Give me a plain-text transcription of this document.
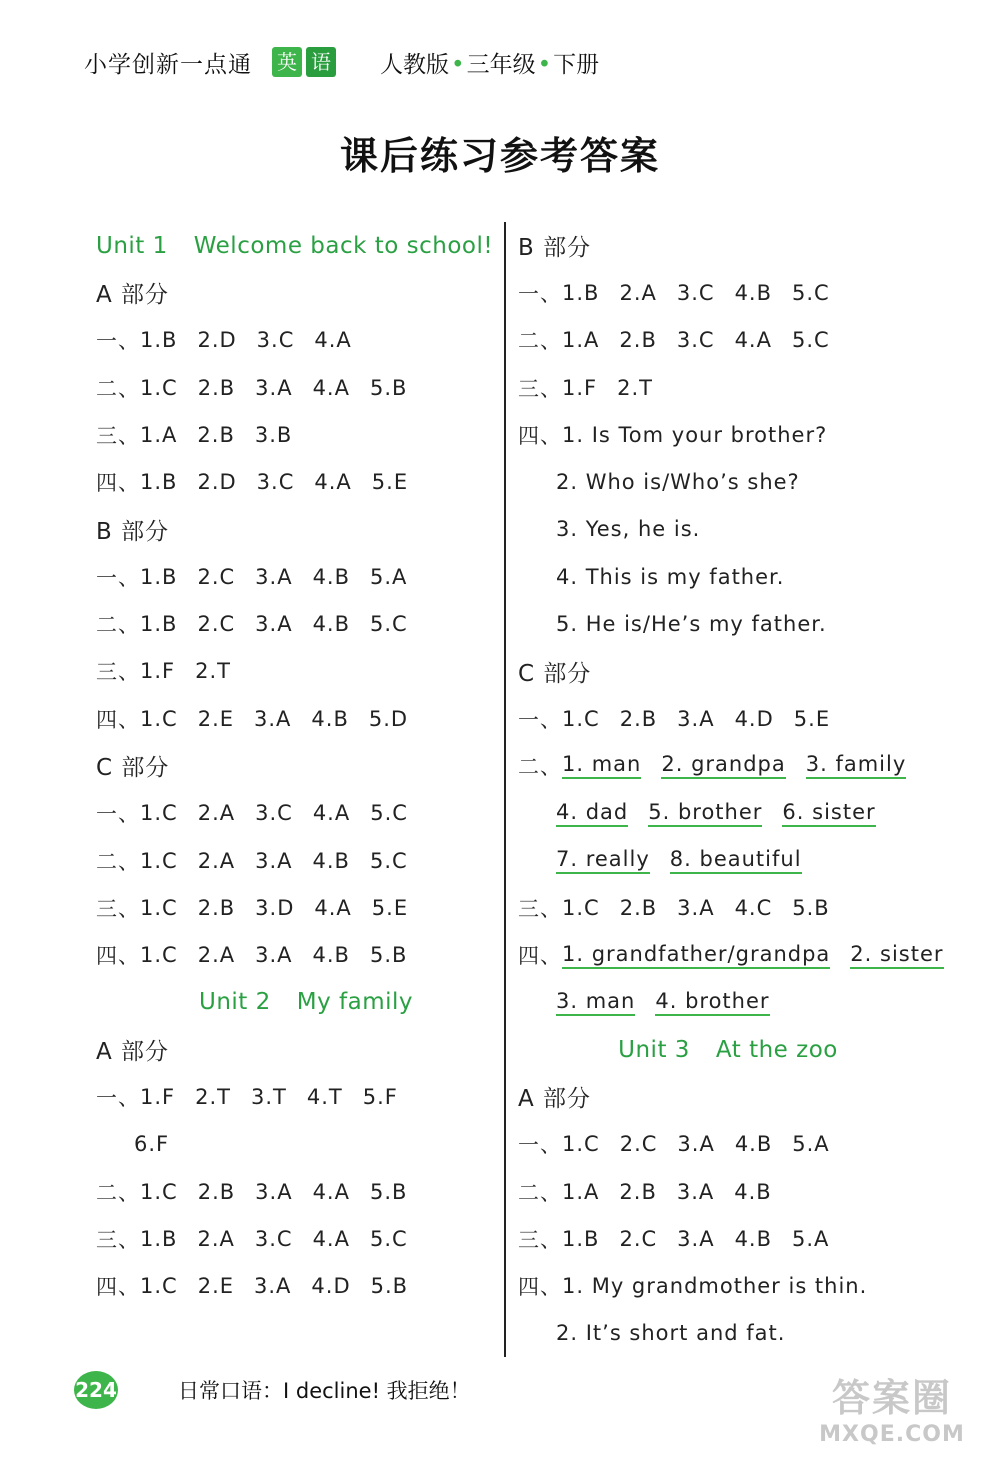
小学创新一点通 英 语 人教版•三年级•下册
课后练习参考答案
Unit 1 Welcome back to school!
A 部分
一、 1.B 2.D 3.C 4.A
二、 1.C 2.B 3.A 4.A 5.B
三、 1.A 2.B 3.B
四、 1.B 2.D 3.C 4.A 5.E
B 部分
一、 1.B 2.C 3.A 4.B 5.A
二、 1.B 2.C 3.A 4.B 5.C
三、 1.F 2.T
四、 1.C 2.E 3.A 4.B 5.D
C 部分
一、 1.C 2.A 3.C 4.A 5.C
二、 1.C 2.A 3.A 4.B 5.C
三、 1.C 2.B 3.D 4.A 5.E
四、 1.C 2.A 3.A 4.B 5.B
Unit 2 My family
A 部分
一、 1.F 2.T 3.T 4.T 5.F
6.F
二、 1.C 2.B 3.A 4.A 5.B
三、 1.B 2.A 3.C 4.A 5.C
四、 1.C 2.E 3.A 4.D 5.B
B 部分
一、 1.B 2.A 3.C 4.B 5.C
二、 1.A 2.B 3.C 4.A 5.C
三、 1.F 2.T
四、 1. Is Tom your brother?
2. Who is/Who’s she?
3. Yes, he is.
4. This is my father.
5. He is/He’s my father.
C 部分
一、 1.C 2.B 3.A 4.D 5.E
二、 1. man 2. grandpa 3. family
4. dad 5. brother 6. sister
7. really 8. beautiful
三、 1.C 2.B 3.A 4.C 5.B
四、 1. grandfather/grandpa 2. sister
3. man 4. brother
Unit 3 At the zoo
A 部分
一、 1.C 2.C 3.A 4.B 5.A
二、 1.A 2.B 3.A 4.B
三、 1.B 2.C 3.A 4.B 5.A
四、 1. My grandmother is thin.
2. It’s short and fat.
224	日常口语：I decline! 我拒绝！	答案圈
MXQE.COM
